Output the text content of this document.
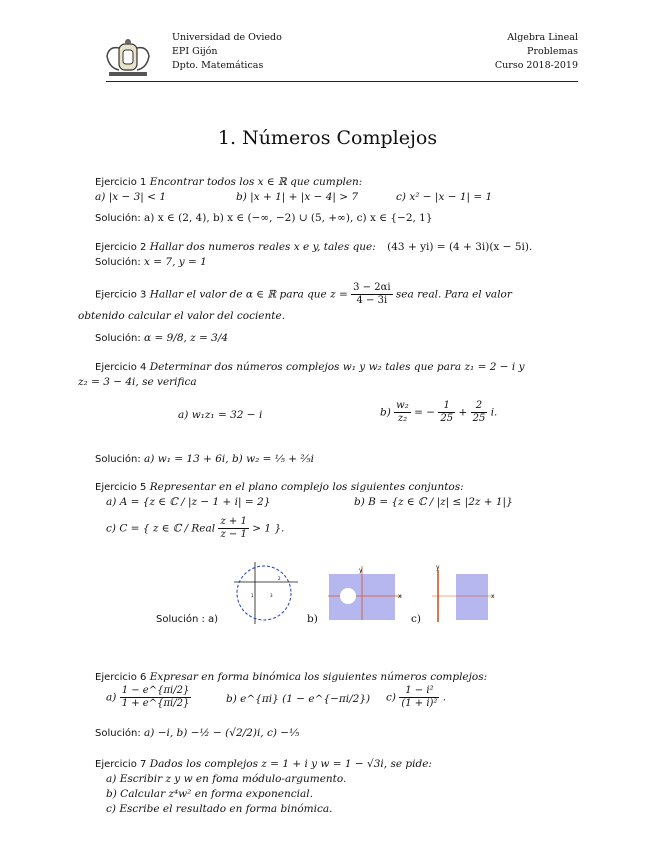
Universidad de Oviedo
EPI Gijón
Dpto. Matemáticas
Algebra Lineal
Problemas
Curso 2018-2019
1. Números Complejos
Ejercicio 1 Encontrar todos los x ∈ ℝ que cumplen:
a) |x − 3| < 1	b) |x + 1| + |x − 4| > 7	c) x² − |x − 1| = 1
Solución: a) x ∈ (2, 4), b) x ∈ (−∞, −2) ∪ (5, +∞), c) x ∈ {−2, 1}
Ejercicio 2 Hallar dos numeros reales x e y, tales que: (43 + yi) = (4 + 3i)(x − 5i).
Solución: x = 7, y = 1
Ejercicio 3 Hallar el valor de α ∈ ℝ para que $z = \frac{3 - 2\alpha i}{4 - 3i}$ sea real. Para el valor
obtenido calcular el valor del cociente.
Solución: α = 9/8, z = 3/4
Ejercicio 4 Determinar dos números complejos w₁ y w₂ tales que para z₁ = 2 − i y
z₂ = 3 − 4i, se verifica
a) w₁z₁ = 32 − i	$b) \frac{\text{w₂}}{\text{z₂}}$ = − $\frac{1}{25} + \frac{2}{25} i$.
Solución: a) w₁ = 13 + 6i, b) w₂ = ⅕ + ⅖i
Ejercicio 5 Representar en el plano complejo los siguientes conjuntos:
a) A = {z ∈ ℂ / |z − 1 + i| = 2}	b) B = {z ∈ ℂ / |z| ≤ |2z + 1|}
c) C = { z ∈ ℂ / Real $\frac{z + 1}{z - 1} > 1$ }.
1	3
2
x
y
x
y
Solución : a)	b)	c)
Ejercicio 6 Expresar en forma binómica los siguientes números complejos:
$a) \frac{1 - e\^{}\{\pi i/2\}}{1 + e\^{}\{\pi i/2\}}$	b) e^{πi} (1 − e^{−πi/2}) $c) \frac{\text{1 − i²}}{\text{(1 + i)²}}$ .
Solución: a) −i, b) −½ − (√2/2)i, c) −⅕
Ejercicio 7 Dados los complejos z = 1 + i y w = 1 − √3i, se pide:
a) Escribir z y w en foma módulo-argumento.
b) Calcular z⁴w² en forma exponencial.
c) Escribe el resultado en forma binómica.
